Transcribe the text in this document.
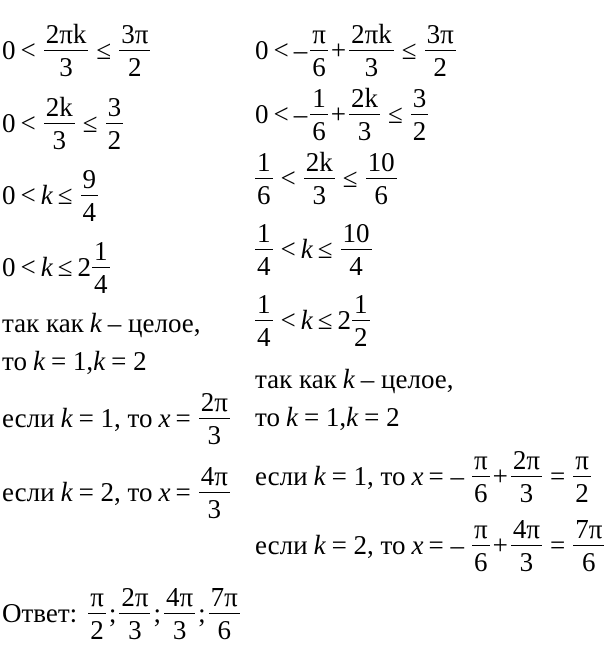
$0 < \frac{2\pi k}{3} \le \frac{3\pi}{2}$
$0 < \frac{2k}{3} \le \frac{3}{2}$
$0 < k \le \frac{9}{4}$
$0 < k \le 2 \frac{1}{4}$
так как k – целое,
то k = 1, k = 2
если k = 1, то $x = \frac{2\pi}{3}$
если k = 2, то $x = \frac{4\pi}{3}$
0 < – $\frac{\pi}{6} + \frac{2\pi k}{3} \le \frac{3\pi}{2}$
0 < – $\frac{1}{6} + \frac{2k}{3} \le \frac{3}{2}$
$\frac{1}{6} < \frac{2k}{3} \le \frac{10}{6}$
$\frac{1}{4} < k \le \frac{10}{4}$
$\frac{1}{4} < k \le 2 \frac{1}{2}$
так как k – целое,
то k = 1, k = 2
если k = 1, то x = – $\frac{\pi}{6} + \frac{2\pi}{3} = \frac{\pi}{2}$
если k = 2, то x = – $\frac{\pi}{6} + \frac{4\pi}{3} = \frac{7\pi}{6}$
Ответ: $\frac{\pi}{2}$ ; $\frac{2\pi}{3}$ ; $\frac{4\pi}{3}$ ; $\frac{7\pi}{6}$
